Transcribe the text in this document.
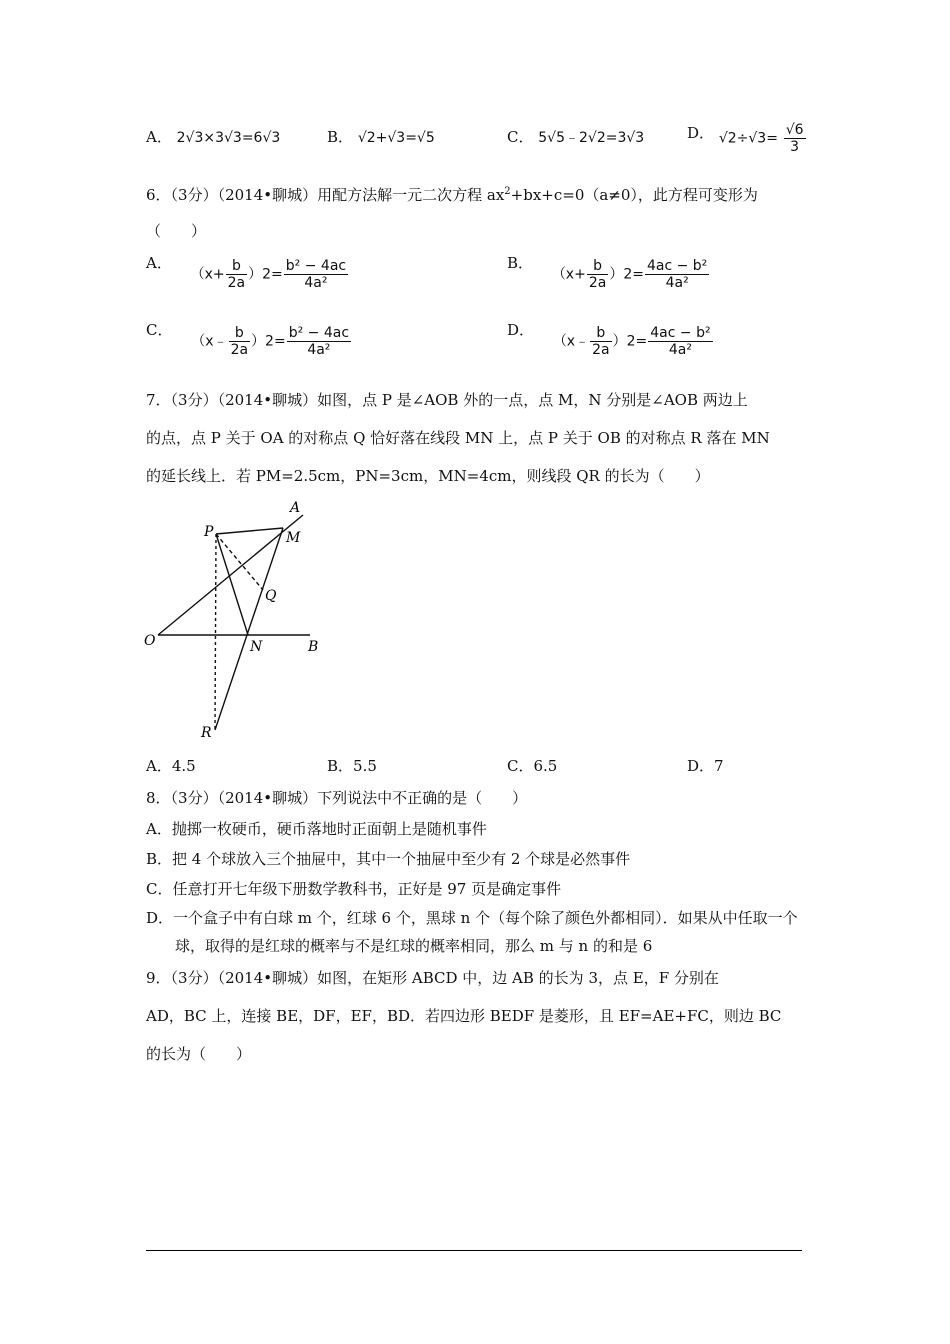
A． 2√3×3√3=6√3	B． √2+√3=√5	C． 5√5﹣2√2=3√3	D． $√2\div√3= \frac{√6}{3}$
6．（3分）（2014•聊城）用配方法解一元二次方程 $ax^2+bx+c=0(a\ne 0)$，此方程可变形为
（　　）
A． $(x+ \frac{b}{2a} )2= \frac{\text{b² − 4ac}}{\text{4a²}}$	B． $(x+ \frac{b}{2a} )2= \frac{\text{4ac − b²}}{\text{4a²}}$
C． （x﹣ $\frac{b}{2a} )2= \frac{\text{b² − 4ac}}{\text{4a²}}$	D． （x﹣ $\frac{b}{2a} )2= \frac{\text{4ac − b²}}{\text{4a²}}$
7．（3分）（2014•聊城）如图，点 P 是∠AOB 外的一点，点 M，N 分别是∠AOB 两边上
的点，点 P 关于 OA 的对称点 Q 恰好落在线段 MN 上，点 P 关于 OB 的对称点 R 落在 MN
的延长线上．若 PM=2.5cm，PN=3cm，MN=4cm，则线段 QR 的长为（　　）
A
P	M
Q
O	N	B
R
A．4.5	B．5.5	C．6.5	D．7
8．（3分）（2014•聊城）下列说法中不正确的是（　　）
A．抛掷一枚硬币，硬币落地时正面朝上是随机事件
B．把 4 个球放入三个抽屉中，其中一个抽屉中至少有 2 个球是必然事件
C．任意打开七年级下册数学教科书，正好是 97 页是确定事件
D．一个盒子中有白球 m 个，红球 6 个，黑球 n 个（每个除了颜色外都相同）．如果从中任取一个
球，取得的是红球的概率与不是红球的概率相同，那么 m 与 n 的和是 6
9．（3分）（2014•聊城）如图，在矩形 ABCD 中，边 AB 的长为 3，点 E，F 分别在
AD，BC 上，连接 BE，DF，EF，BD．若四边形 BEDF 是菱形，且 EF=AE+FC，则边 BC
的长为（　　）
